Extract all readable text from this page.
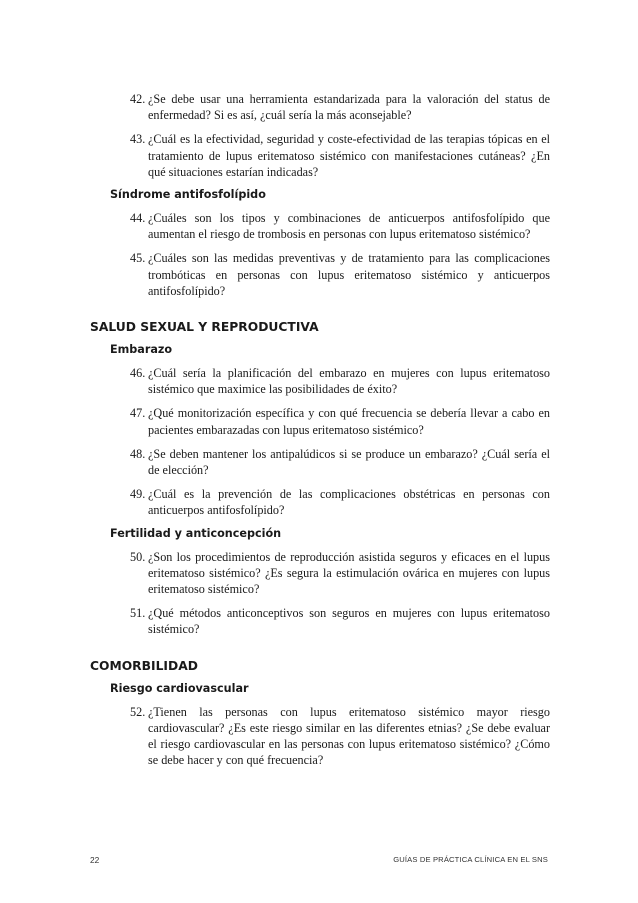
42. ¿Se debe usar una herramienta estandarizada para la valoración del status de enfermedad? Si es así, ¿cuál sería la más aconsejable?

43. ¿Cuál es la efectividad, seguridad y coste-efectividad de las terapias tópicas en el tratamiento de lupus eritematoso sistémico con manifestaciones cutáneas? ¿En qué situaciones estarían indicadas?

Síndrome antifosfolípido

44. ¿Cuáles son los tipos y combinaciones de anticuerpos antifosfolípido que aumentan el riesgo de trombosis en personas con lupus eritematoso sistémico?

45. ¿Cuáles son las medidas preventivas y de tratamiento para las complicaciones trombóticas en personas con lupus eritematoso sistémico y anticuerpos antifosfolípido?

SALUD SEXUAL Y REPRODUCTIVA
Embarazo

46. ¿Cuál sería la planificación del embarazo en mujeres con lupus eritematoso sistémico que maximice las posibilidades de éxito?

47. ¿Qué monitorización específica y con qué frecuencia se debería llevar a cabo en pacientes embarazadas con lupus eritematoso sistémico?

48. ¿Se deben mantener los antipalúdicos si se produce un embarazo? ¿Cuál sería el de elección?

49. ¿Cuál es la prevención de las complicaciones obstétricas en personas con anticuerpos antifosfolípido?

Fertilidad y anticoncepción

50. ¿Son los procedimientos de reproducción asistida seguros y eficaces en el lupus eritematoso sistémico? ¿Es segura la estimulación ovárica en mujeres con lupus eritematoso sistémico?

51. ¿Qué métodos anticonceptivos son seguros en mujeres con lupus eritematoso sistémico?

COMORBILIDAD
Riesgo cardiovascular

52. ¿Tienen las personas con lupus eritematoso sistémico mayor riesgo cardiovascular? ¿Es este riesgo similar en las diferentes etnias? ¿Se debe evaluar el riesgo cardiovascular en las personas con lupus eritematoso sistémico? ¿Cómo se debe hacer y con qué frecuencia?

22	GUÍAS DE PRÁCTICA CLÍNICA EN EL SNS
